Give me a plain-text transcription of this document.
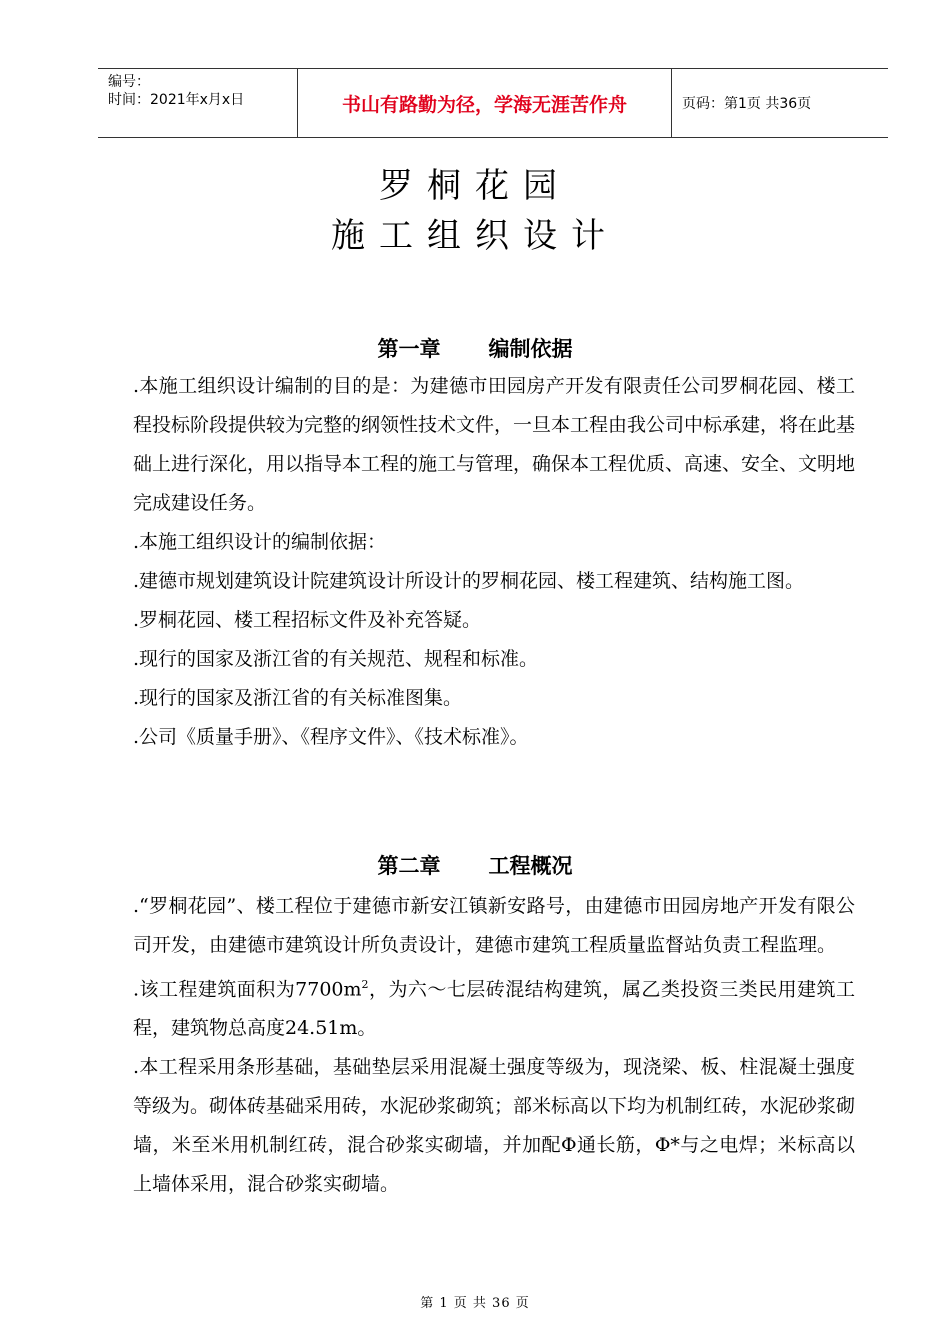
编号：
时间：2021年x月x日	书山有路勤为径，学海无涯苦作舟	页码：第1页 共36页
罗桐花园
施工组织设计
第一章 编制依据

.本施工组织设计编制的目的是：为建德市田园房产开发有限责任公司罗桐花园、楼工程投标阶段提供较为完整的纲领性技术文件，一旦本工程由我公司中标承建，将在此基础上进行深化，用以指导本工程的施工与管理，确保本工程优质、高速、安全、文明地完成建设任务。

.本施工组织设计的编制依据：

.建德市规划建筑设计院建筑设计所设计的罗桐花园、楼工程建筑、结构施工图。

.罗桐花园、楼工程招标文件及补充答疑。

.现行的国家及浙江省的有关规范、规程和标准。

.现行的国家及浙江省的有关标准图集。

.公司《质量手册》、《程序文件》、《技术标准》。

第二章 工程概况

.“罗桐花园”、楼工程位于建德市新安江镇新安路号，由建德市田园房地产开发有限公司开发，由建德市建筑设计所负责设计，建德市建筑工程质量监督站负责工程监理。

.该工程建筑面积为$7700m^2$，为六～七层砖混结构建筑，属乙类投资三类民用建筑工程，建筑物总高度24.51m。

.本工程采用条形基础，基础垫层采用混凝土强度等级为，现浇梁、板、柱混凝土强度等级为。砌体砖基础采用砖，水泥砂浆砌筑；部米标高以下均为机制红砖，水泥砂浆砌墙，米至米用机制红砖，混合砂浆实砌墙，并加配Φ通长筋，Φ*与之电焊；米标高以上墙体采用，混合砂浆实砌墙。

第 1 页 共 36 页
